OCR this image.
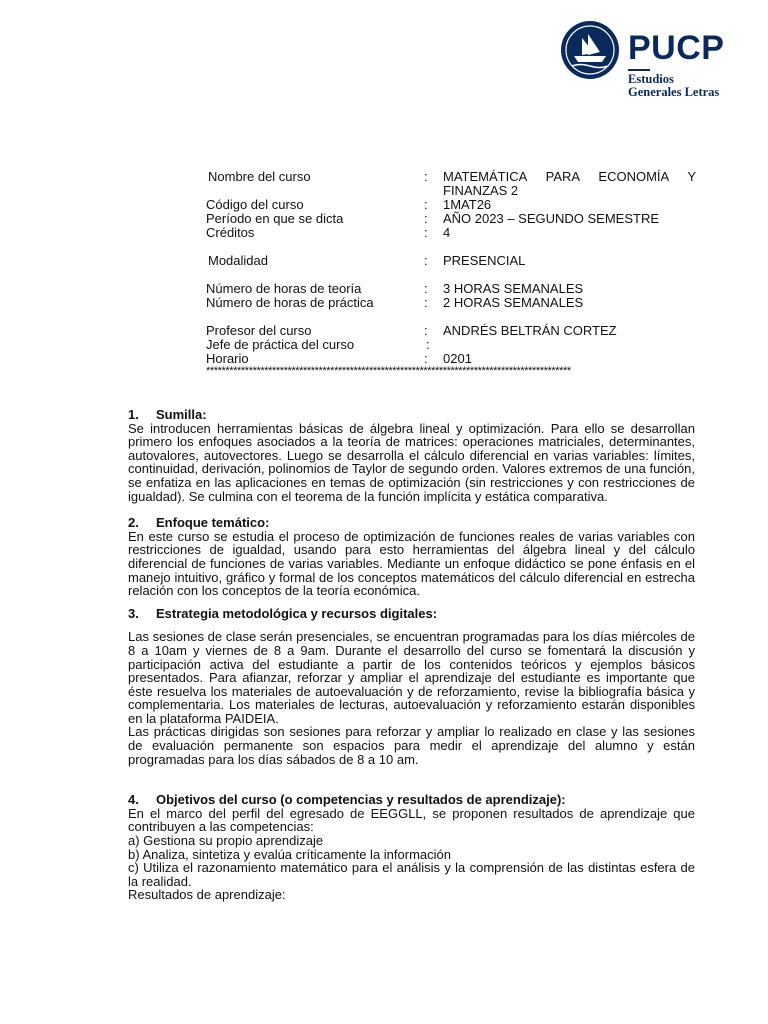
PUCP
Estudios
Generales Letras
Nombre del curso	: MATEMÁTICA PARA ECONOMÍA Y
FINANZAS 2
Código del curso	: 1MAT26
Período en que se dicta	: AÑO 2023 – SEGUNDO SEMESTRE
Créditos	: 4
Modalidad	: PRESENCIAL
Número de horas de teoría	: 3 HORAS SEMANALES
Número de horas de práctica	: 2 HORAS SEMANALES
Profesor del curso	: ANDRÉS BELTRÁN CORTEZ
Jefe de práctica del curso	:
Horario	: 0201
**********************************************************************************************
1.	Sumilla:

Se introducen herramientas básicas de álgebra lineal y optimización. Para ello se desarrollan primero los enfoques asociados a la teoría de matrices: operaciones matriciales, determinantes, autovalores, autovectores. Luego se desarrolla el cálculo diferencial en varias variables: límites, continuidad, derivación, polinomios de Taylor de segundo orden. Valores extremos de una función, se enfatiza en las aplicaciones en temas de optimización (sin restricciones y con restricciones de igualdad). Se culmina con el teorema de la función implícita y estática comparativa.

2.	Enfoque temático:

En este curso se estudia el proceso de optimización de funciones reales de varias variables con restricciones de igualdad, usando para esto herramientas del álgebra lineal y del cálculo diferencial de funciones de varias variables. Mediante un enfoque didáctico se pone énfasis en el manejo intuitivo, gráfico y formal de los conceptos matemáticos del cálculo diferencial en estrecha relación con los conceptos de la teoría económica.

3.	Estrategia metodológica y recursos digitales:

Las sesiones de clase serán presenciales, se encuentran programadas para los días miércoles de 8 a 10am y viernes de 8 a 9am. Durante el desarrollo del curso se fomentará la discusión y participación activa del estudiante a partir de los contenidos teóricos y ejemplos básicos presentados. Para afianzar, reforzar y ampliar el aprendizaje del estudiante es importante que éste resuelva los materiales de autoevaluación y de reforzamiento, revise la bibliografía básica y complementaria. Los materiales de lecturas, autoevaluación y reforzamiento estarán disponibles en la plataforma PAIDEIA.

Las prácticas dirigidas son sesiones para reforzar y ampliar lo realizado en clase y las sesiones de evaluación permanente son espacios para medir el aprendizaje del alumno y están programadas para los días sábados de 8 a 10 am.

4.	Objetivos del curso (o competencias y resultados de aprendizaje):

En el marco del perfil del egresado de EEGGLL, se proponen resultados de aprendizaje que contribuyen a las competencias:

a) Gestiona su propio aprendizaje

b) Analiza, sintetiza y evalúa críticamente la información

c) Utiliza el razonamiento matemático para el análisis y la comprensión de las distintas esfera de la realidad.

Resultados de aprendizaje:
